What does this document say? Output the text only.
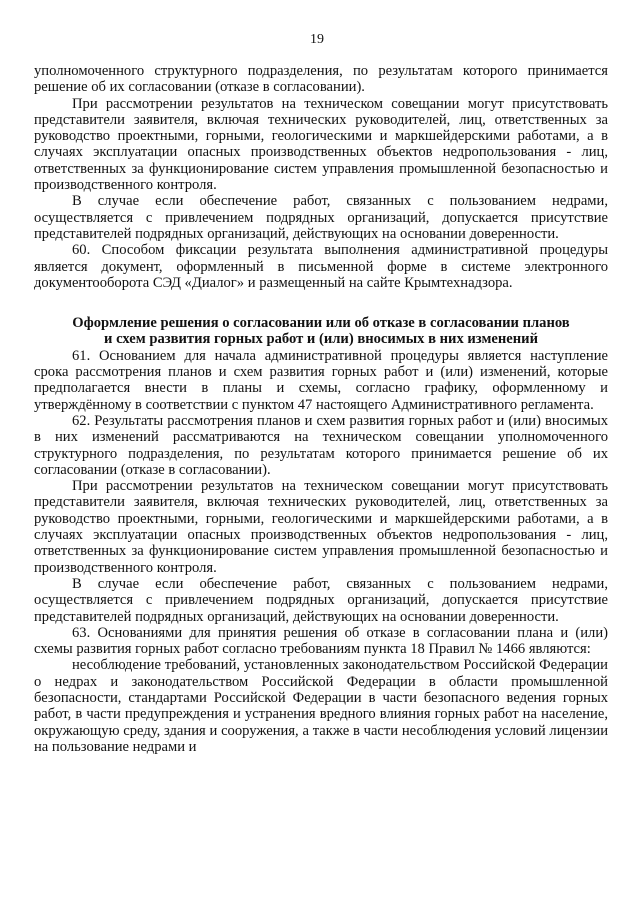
19

уполномоченного структурного подразделения, по результатам которого принимается решение об их согласовании (отказе в согласовании).

При рассмотрении результатов на техническом совещании могут присутствовать представители заявителя, включая технических руководителей, лиц, ответственных за руководство проектными, горными, геологическими и маркшейдерскими работами, а в случаях эксплуатации опасных производственных объектов недропользования - лиц, ответственных за функционирование систем управления промышленной безопасностью и производственного контроля.

В случае если обеспечение работ, связанных с пользованием недрами, осуществляется с привлечением подрядных организаций, допускается присутствие представителей подрядных организаций, действующих на основании доверенности.

60. Способом фиксации результата выполнения административной процедуры является документ, оформленный в письменной форме в системе электронного документооборота СЭД «Диалог» и размещенный на сайте Крымтехнадзора.

Оформление решения о согласовании или об отказе в согласовании планов и схем развития горных работ и (или) вносимых в них изменений

61. Основанием для начала административной процедуры является наступление срока рассмотрения планов и схем развития горных работ и (или) изменений, которые предполагается внести в планы и схемы, согласно графику, оформленному и утверждённому в соответствии с пунктом 47 настоящего Административного регламента.

62. Результаты рассмотрения планов и схем развития горных работ и (или) вносимых в них изменений рассматриваются на техническом совещании уполномоченного структурного подразделения, по результатам которого принимается решение об их согласовании (отказе в согласовании).

При рассмотрении результатов на техническом совещании могут присутствовать представители заявителя, включая технических руководителей, лиц, ответственных за руководство проектными, горными, геологическими и маркшейдерскими работами, а в случаях эксплуатации опасных производственных объектов недропользования - лиц, ответственных за функционирование систем управления промышленной безопасностью и производственного контроля.

В случае если обеспечение работ, связанных с пользованием недрами, осуществляется с привлечением подрядных организаций, допускается присутствие представителей подрядных организаций, действующих на основании доверенности.

63. Основаниями для принятия решения об отказе в согласовании плана и (или) схемы развития горных работ согласно требованиям пункта 18 Правил № 1466 являются:

несоблюдение требований, установленных законодательством Российской Федерации о недрах и законодательством Российской Федерации в области промышленной безопасности, стандартами Российской Федерации в части безопасного ведения горных работ, в части предупреждения и устранения вредного влияния горных работ на население, окружающую среду, здания и сооружения, а также в части несоблюдения условий лицензии на пользование недрами и
